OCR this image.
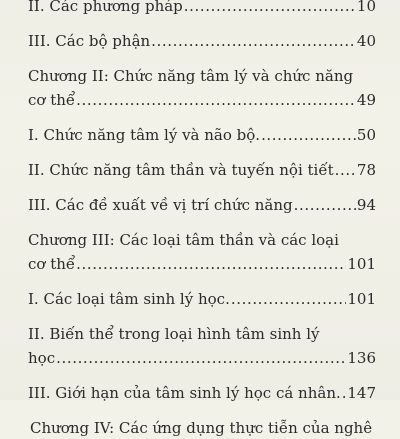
II. Các phương pháp .....	10
III. Các bộ phận .....	40
Chương II: Chức năng tâm lý và chức năng
cơ thể .....	49
I. Chức năng tâm lý và não bộ. .....	50
II. Chức năng tâm thần và tuyến nội tiết ..... 78
III. Các đề xuất về vị trí chức năng .....	94
Chương III: Các loại tâm thần và các loại
cơ thể .....	101
I. Các loại tâm sinh lý học. .....	101
II. Biến thể trong loại hình tâm sinh lý
học .....	136
III. Giới hạn của tâm sinh lý học cá nhân. ..... 147
Chương IV: Các ứng dụng thực tiễn của nghê
